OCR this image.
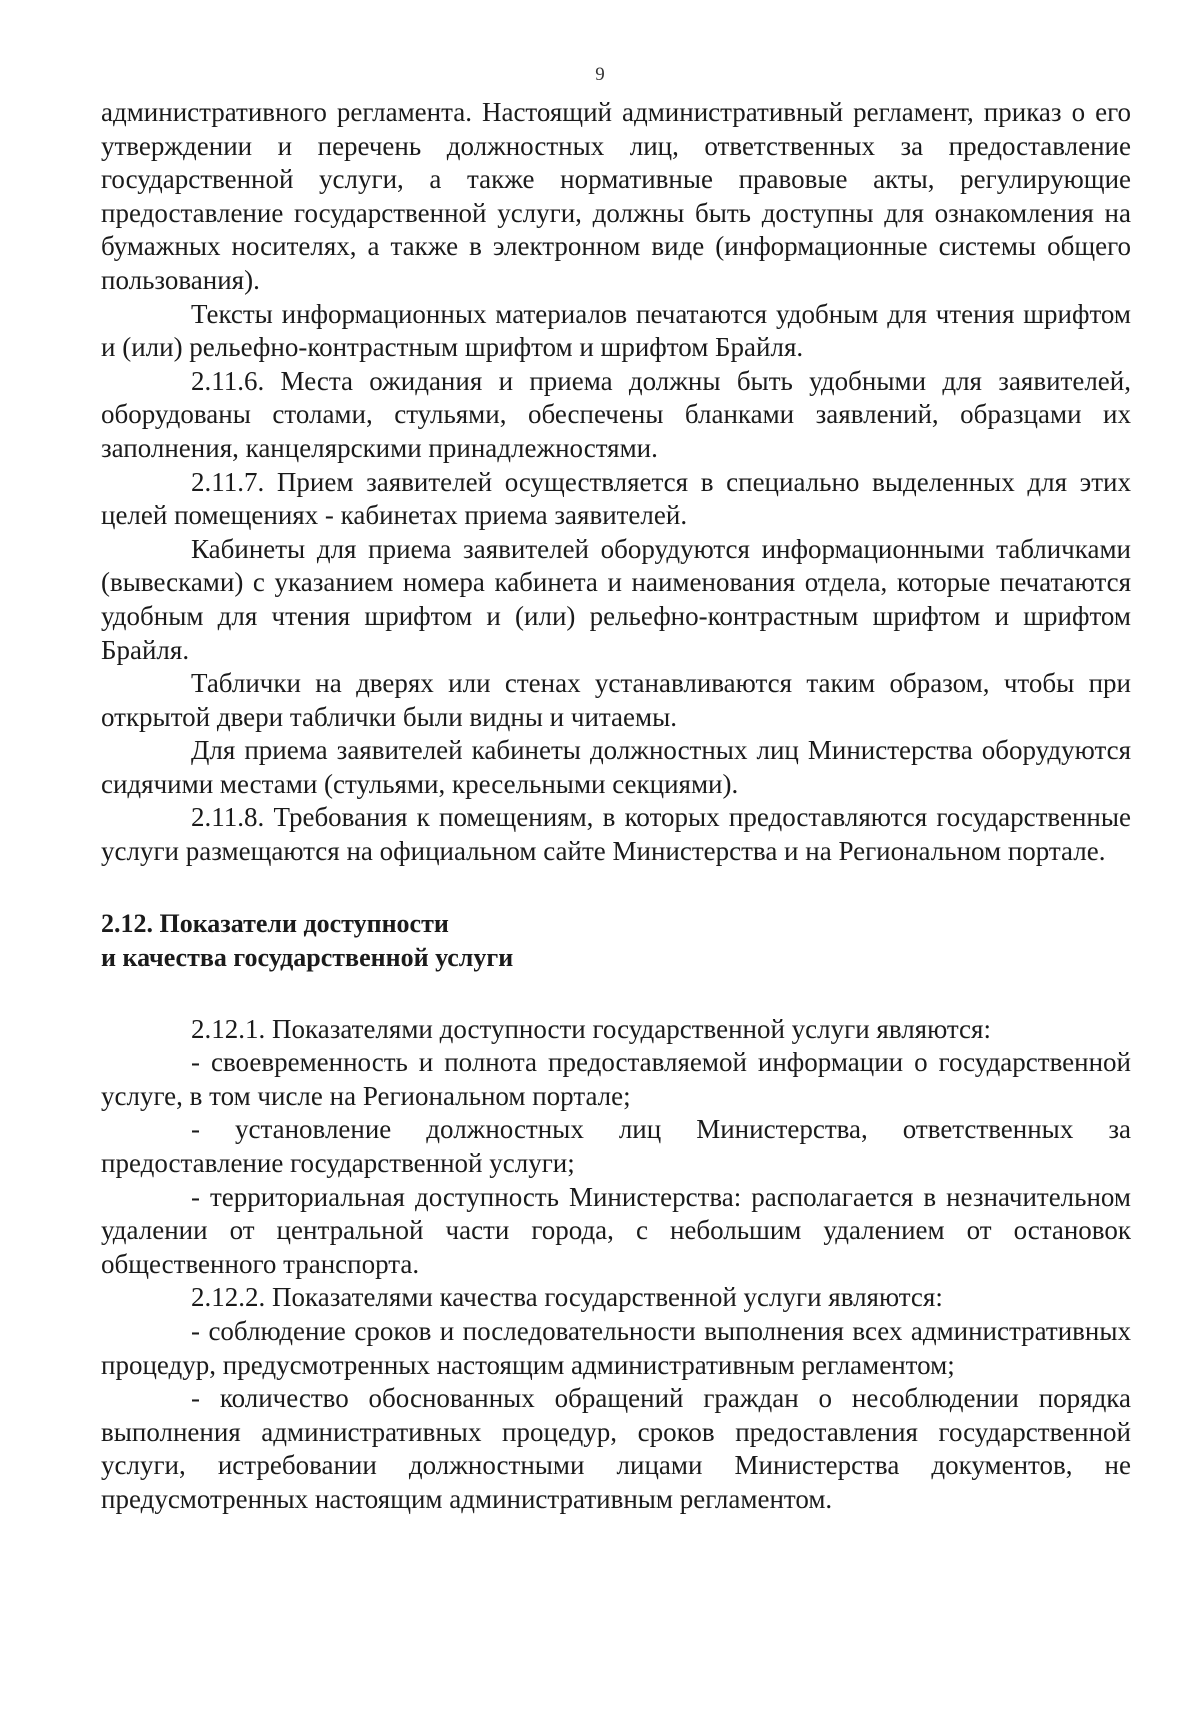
9

административного регламента. Настоящий административный регламент, приказ о его утверждении и перечень должностных лиц, ответственных за предоставление государственной услуги, а также нормативные правовые акты, регулирующие предоставление государственной услуги, должны быть доступны для ознакомления на бумажных носителях, а также в электронном виде (информационные системы общего пользования).

Тексты информационных материалов печатаются удобным для чтения шрифтом и (или) рельефно-контрастным шрифтом и шрифтом Брайля.

2.11.6. Места ожидания и приема должны быть удобными для заявителей, оборудованы столами, стульями, обеспечены бланками заявлений, образцами их заполнения, канцелярскими принадлежностями.

2.11.7. Прием заявителей осуществляется в специально выделенных для этих целей помещениях - кабинетах приема заявителей.

Кабинеты для приема заявителей оборудуются информационными табличками (вывесками) с указанием номера кабинета и наименования отдела, которые печатаются удобным для чтения шрифтом и (или) рельефно-контрастным шрифтом и шрифтом Брайля.

Таблички на дверях или стенах устанавливаются таким образом, чтобы при открытой двери таблички были видны и читаемы.

Для приема заявителей кабинеты должностных лиц Министерства оборудуются сидячими местами (стульями, кресельными секциями).

2.11.8. Требования к помещениям, в которых предоставляются государственные услуги размещаются на официальном сайте Министерства и на Региональном портале.

2.12. Показатели доступности

и качества государственной услуги

2.12.1. Показателями доступности государственной услуги являются:

- своевременность и полнота предоставляемой информации о государственной услуге, в том числе на Региональном портале;

- установление должностных лиц Министерства, ответственных за предоставление государственной услуги;

- территориальная доступность Министерства: располагается в незначительном удалении от центральной части города, с небольшим удалением от остановок общественного транспорта.

2.12.2. Показателями качества государственной услуги являются:

- соблюдение сроков и последовательности выполнения всех административных процедур, предусмотренных настоящим административным регламентом;

- количество обоснованных обращений граждан о несоблюдении порядка выполнения административных процедур, сроков предоставления государственной услуги, истребовании должностными лицами Министерства документов, не предусмотренных настоящим административным регламентом.
